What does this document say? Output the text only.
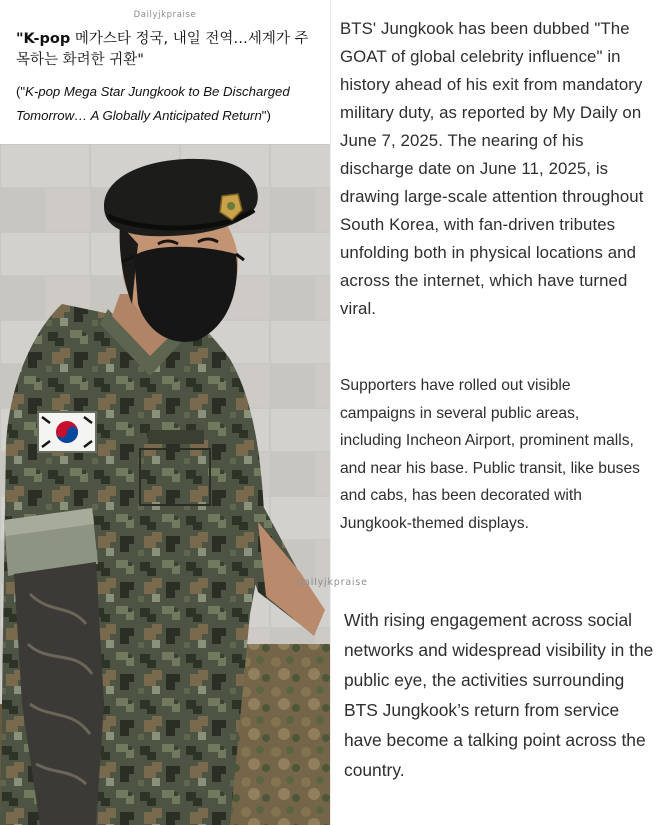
Dailyjkpraise
"K-pop 메가스타 정국, 내일 전역…세계가 주목하는 화려한 귀환"
("K-pop Mega Star Jungkook to Be Discharged Tomorrow… A Globally Anticipated Return")
BTS' Jungkook has been dubbed "The GOAT of global celebrity influence" in history ahead of his exit from mandatory military duty, as reported by My Daily on June 7, 2025. The nearing of his discharge date on June 11, 2025, is drawing large-scale attention throughout South Korea, with fan-driven tributes unfolding both in physical locations and across the internet, which have turned viral.
Supporters have rolled out visible campaigns in several public areas, including Incheon Airport, prominent malls, and near his base. Public transit, like buses and cabs, has been decorated with Jungkook-themed displays.
Dailyjkpraise
With rising engagement across social networks and widespread visibility in the public eye, the activities surrounding BTS Jungkook’s return from service have become a talking point across the country.
